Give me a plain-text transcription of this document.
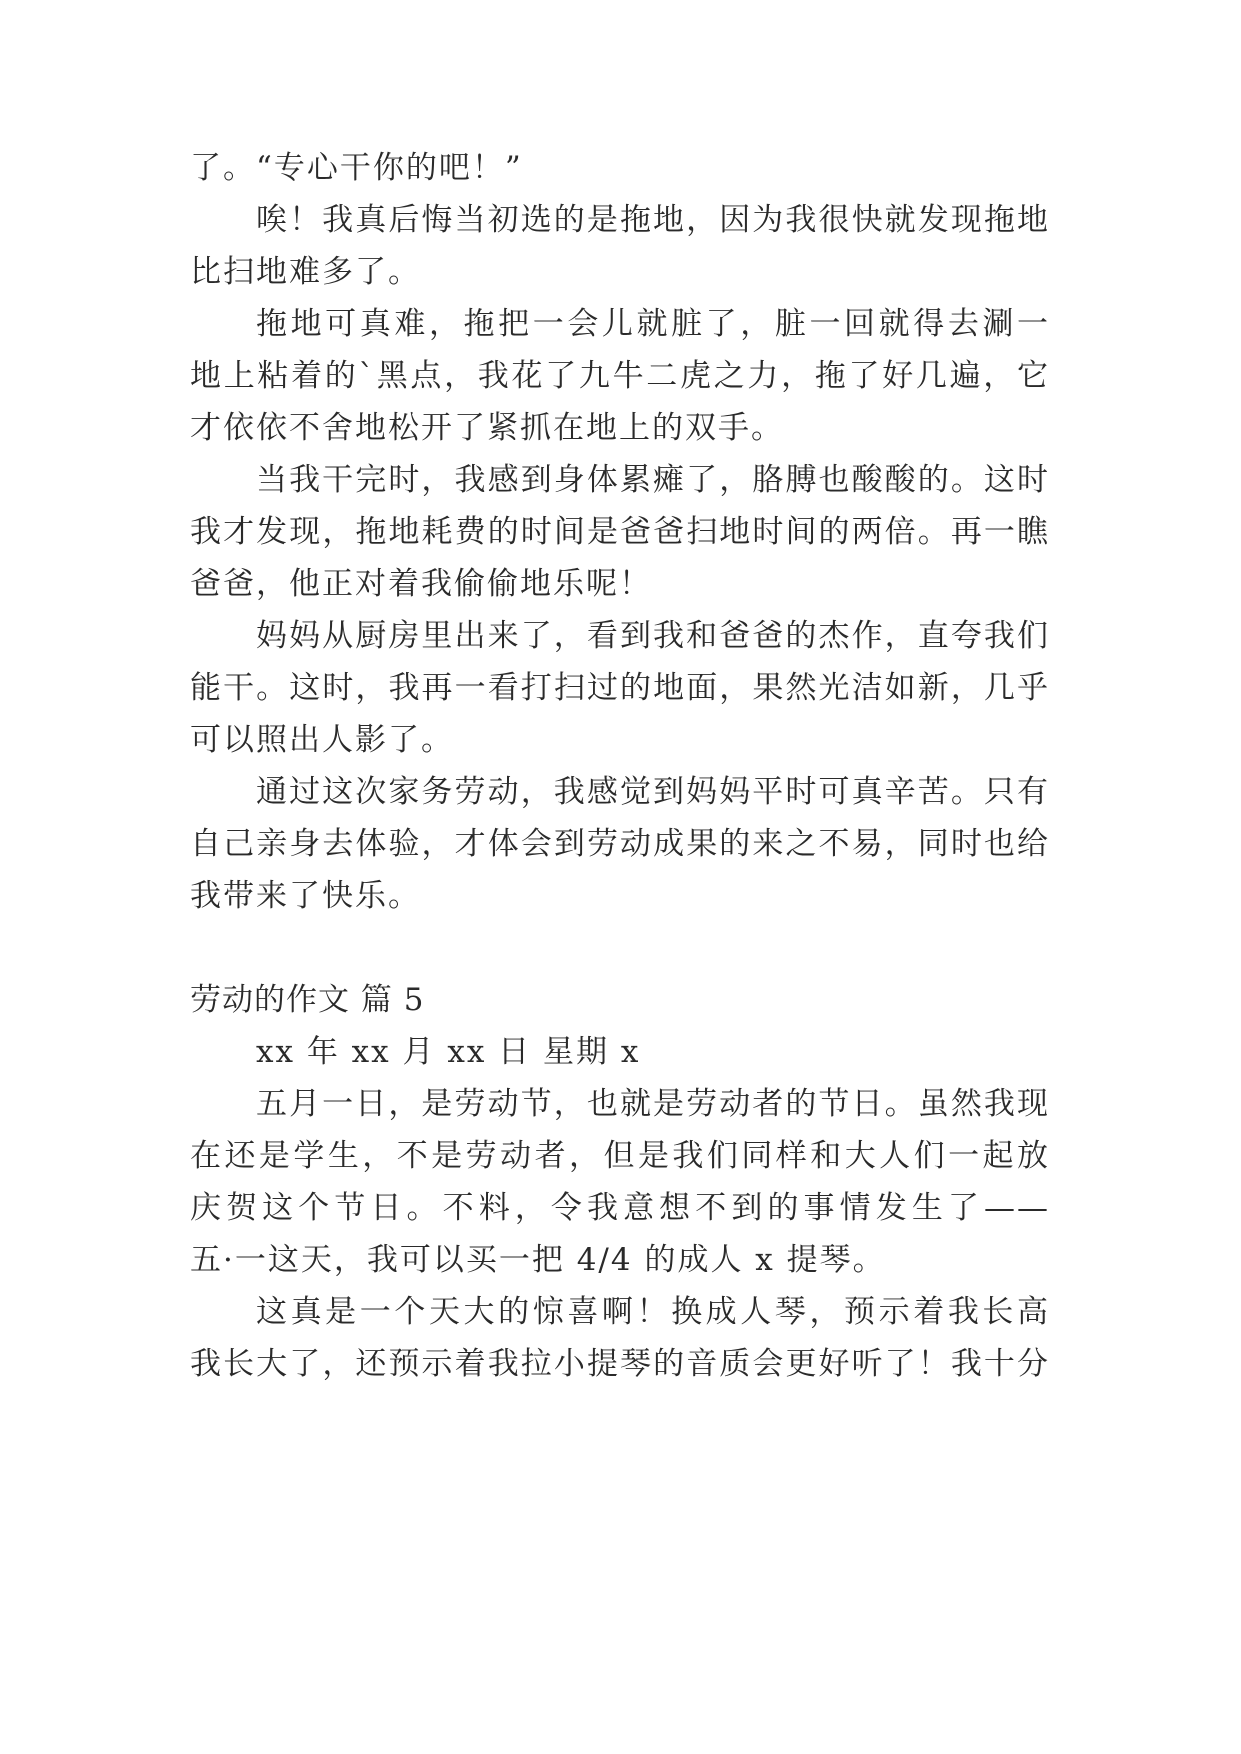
了。“专心干你的吧！”
唉！我真后悔当初选的是拖地，因为我很快就发现拖地
比扫地难多了。
拖地可真难，拖把一会儿就脏了，脏一回就得去涮一
地上粘着的`黑点，我花了九牛二虎之力，拖了好几遍，它
才依依不舍地松开了紧抓在地上的双手。
当我干完时，我感到身体累瘫了，胳膊也酸酸的。这时
我才发现，拖地耗费的时间是爸爸扫地时间的两倍。再一瞧
爸爸，他正对着我偷偷地乐呢！
妈妈从厨房里出来了，看到我和爸爸的杰作，直夸我们
能干。这时，我再一看打扫过的地面，果然光洁如新，几乎
可以照出人影了。
通过这次家务劳动，我感觉到妈妈平时可真辛苦。只有
自己亲身去体验，才体会到劳动成果的来之不易，同时也给
我带来了快乐。
劳动的作文 篇 5
xx 年 xx 月 xx 日 星期 x
五月一日，是劳动节，也就是劳动者的节日。虽然我现
在还是学生，不是劳动者，但是我们同样和大人们一起放
庆贺这个节日。不料，令我意想不到的事情发生了——
五·一这天，我可以买一把 4/4 的成人 x 提琴。
这真是一个天大的惊喜啊！换成人琴，预示着我长高
我长大了，还预示着我拉小提琴的音质会更好听了！我十分
